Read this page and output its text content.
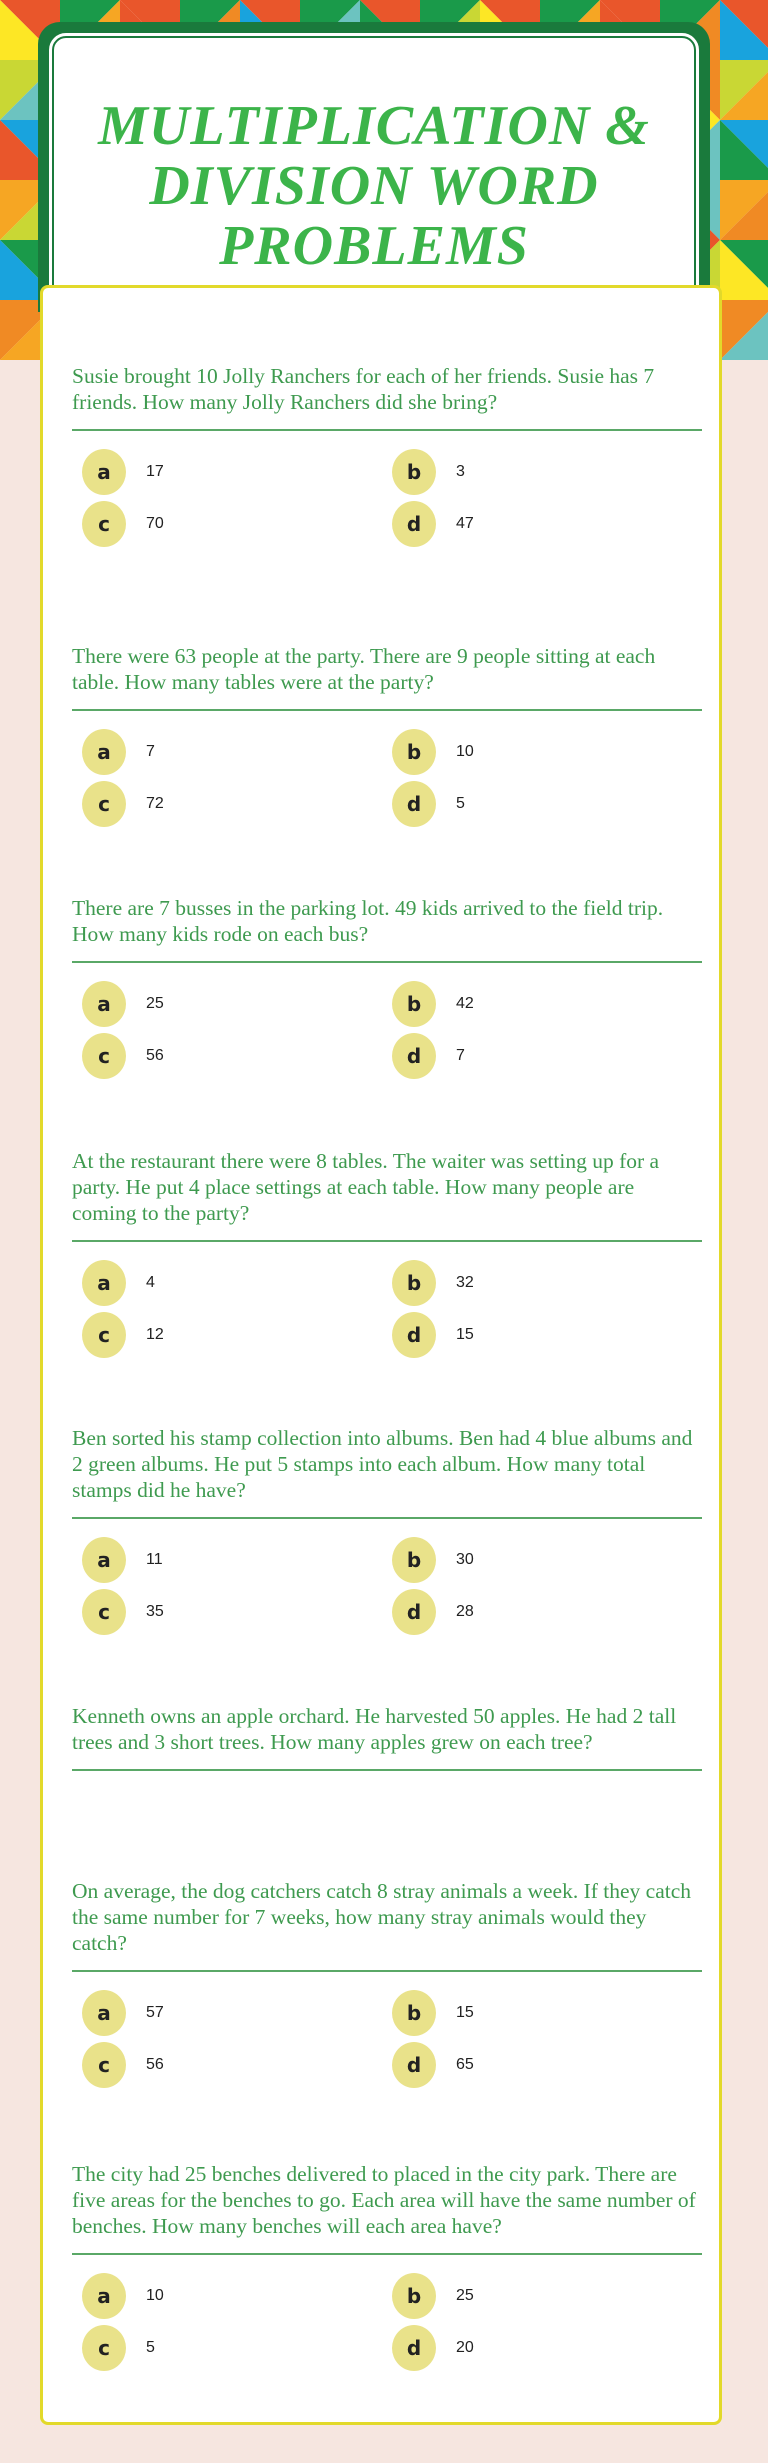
MULTIPLICATION & DIVISION WORD PROBLEMS

Susie brought 10 Jolly Ranchers for each of her friends. Susie has 7 friends. How many Jolly Ranchers did she bring?

a	17	b	3
c	70	d	47

There were 63 people at the party. There are 9 people sitting at each table. How many tables were at the party?

a	7	b	10
c	72	d	5

There are 7 busses in the parking lot. 49 kids arrived to the field trip. How many kids rode on each bus?

a	25	b	42
c	56	d	7

At the restaurant there were 8 tables. The waiter was setting up for a party. He put 4 place settings at each table. How many people are coming to the party?

a	4	b	32
c	12	d	15

Ben sorted his stamp collection into albums. Ben had 4 blue albums and 2 green albums. He put 5 stamps into each album. How many total stamps did he have?

a	11	b	30
c	35	d	28

Kenneth owns an apple orchard. He harvested 50 apples. He had 2 tall trees and 3 short trees. How many apples grew on each tree?

On average, the dog catchers catch 8 stray animals a week. If they catch the same number for 7 weeks, how many stray animals would they catch?

a	57	b	15
c	56	d	65

The city had 25 benches delivered to placed in the city park. There are five areas for the benches to go. Each area will have the same number of benches. How many benches will each area have?

a	10	b	25
c	5	d	20
